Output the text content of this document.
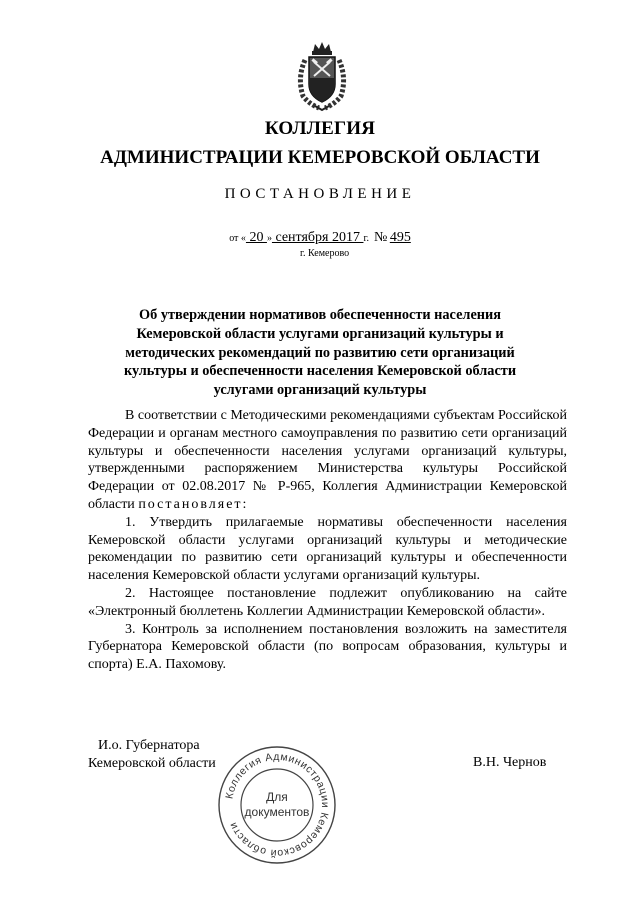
КОЛЛЕГИЯ
АДМИНИСТРАЦИИ КЕМЕРОВСКОЙ ОБЛАСТИ
ПОСТАНОВЛЕНИЕ
от « 20 » сентября 2017 г. № 495
г. Кемерово
Об утверждении нормативов обеспеченности населения Кемеровской области услугами организаций культуры и методических рекомендаций по развитию сети организаций культуры и обеспеченности населения Кемеровской области услугами организаций культуры

В соответствии с Методическими рекомендациями субъектам Российской Федерации и органам местного самоуправления по развитию сети организаций культуры и обеспеченности населения услугами организаций культуры, утвержденными распоряжением Министерства культуры Российской Федерации от 02.08.2017 № Р-965, Коллегия Администрации Кемеровской области постановляет:

1. Утвердить прилагаемые нормативы обеспеченности населения Кемеровской области услугами организаций культуры и методические рекомендации по развитию сети организаций культуры и обеспеченности населения Кемеровской области услугами организаций культуры.

2. Настоящее постановление подлежит опубликованию на сайте «Электронный бюллетень Коллегии Администрации Кемеровской области».

3. Контроль за исполнением постановления возложить на заместителя Губернатора Кемеровской области (по вопросам образования, культуры и спорта) Е.А. Пахомову.

И.о. Губернатора
Кемеровской области	В.Н. Чернов
Коллегия Администрации Кемеровской области
Для
документов
